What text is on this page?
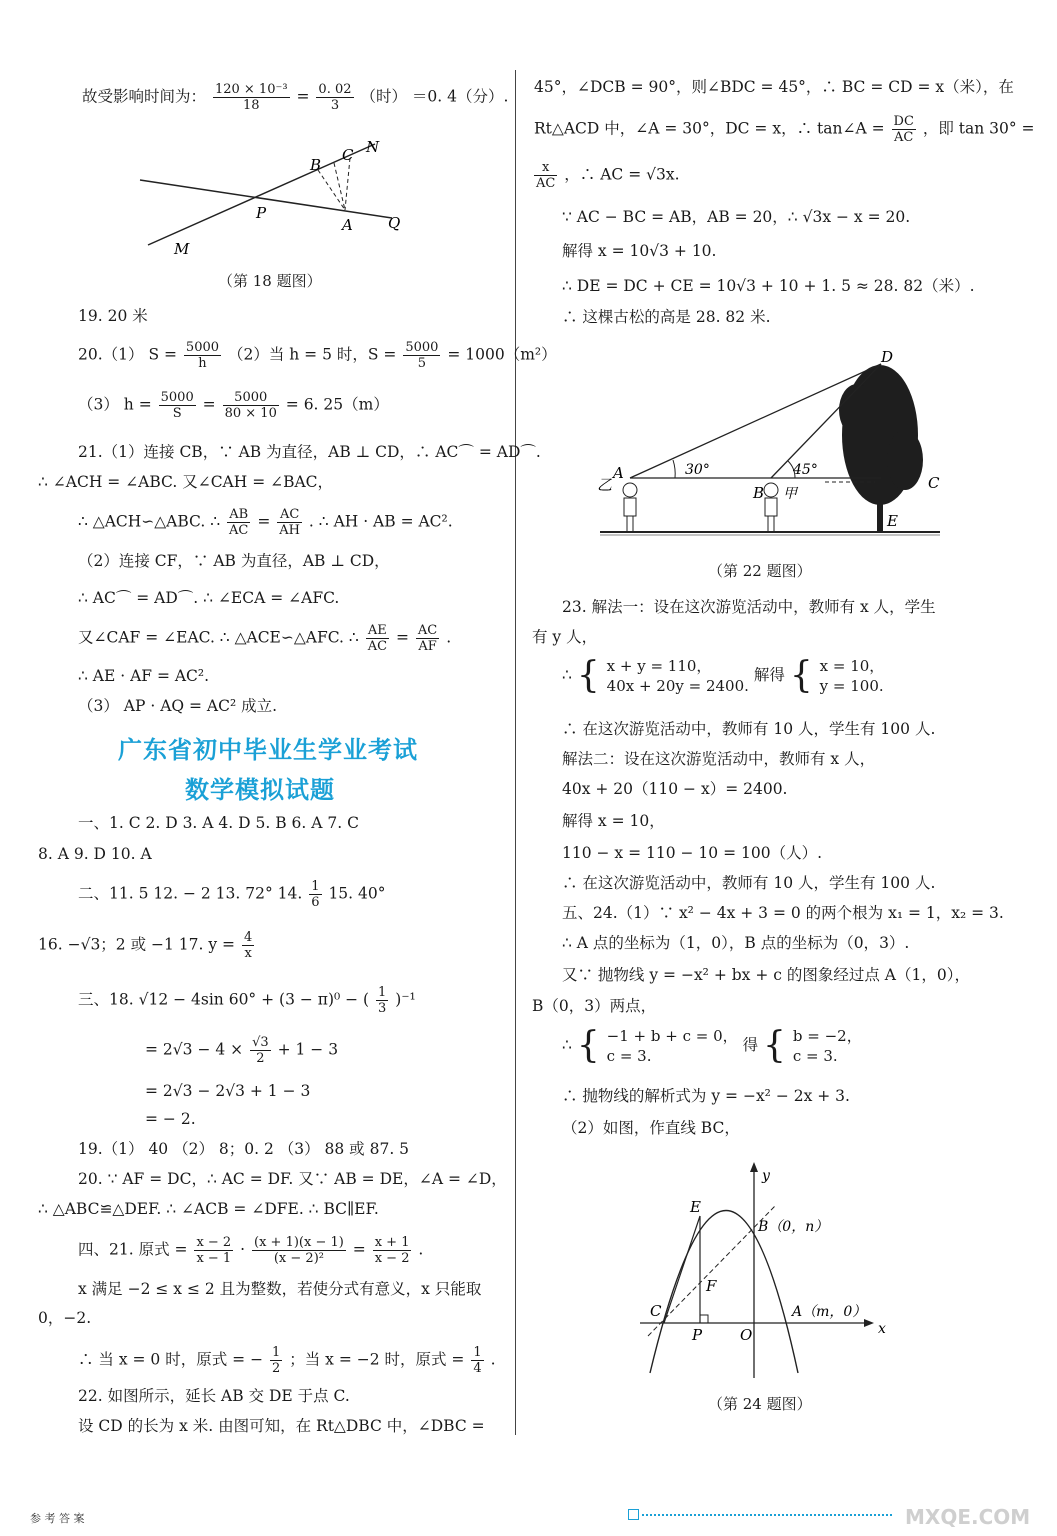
故受影响时间为： $\frac{\text{120 × 10⁻³}}{18} = \frac{0. 02}{3}$ （时） ＝0. 4（分）.
B
C N
P
A Q
M
（第 18 题图）
19. 20 米
20.（1） $S = \frac{5000}{h} (2)$当 h = 5 时，$S = \frac{5000}{5} = 1000(m^2)$
（3） $h = \frac{5000}{S} = \frac{5000}{80 \times 10} = 6$. 25（m）
21.（1）连接 CB，∵ AB 为直径，AB ⊥ CD，∴ AC⌒ = AD⌒.
∴ ∠ACH = ∠ABC. 又∠CAH = ∠BAC，
∴ △ACH∽△ABC. ∴ $\frac{AB}{AC} = \frac{AC}{AH}$ . ∴ AH · AB = AC².
（2）连接 CF，∵ AB 为直径，AB ⊥ CD，
∴ AC⌒ = AD⌒. ∴ ∠ECA = ∠AFC.
又∠CAF = ∠EAC. ∴ △ACE∽△AFC. ∴ $\frac{AE}{AC} = \frac{AC}{AF}$ .
∴ AE · AF = AC².
（3） AP · AQ = AC² 成立.
广东省初中毕业生学业考试
数学模拟试题
一、1. C 2. D 3. A 4. D 5. B 6. A 7. C
8. A 9. D 10. A
二、11. 5 12. − 2 13. 72° 14. $\frac{1}{6} 15$. 40°
16. −√3；2 或 −1 17. $y = \frac{4}{x}$
三、18. √12 − 4sin 60° + (3 − π)⁰ − ( $\frac{1}{3} )^{-1}$
= $2√3 - 4 \times \frac{√3}{2} + 1 - 3$
= 2√3 − 2√3 + 1 − 3
= − 2.
19.（1） 40 （2） 8；0. 2 （3） 88 或 87. 5
20. ∵ AF = DC，∴ AC = DF. 又∵ AB = DE，∠A = ∠D，
∴ △ABC≌△DEF. ∴ ∠ACB = ∠DFE. ∴ BC∥EF.
四、21. 原式 = $\frac{x - 2}{x - 1} \cdot \frac{(x + 1)(x - 1)}{\text{(x − 2)²}} = \frac{x + 1}{x - 2}$ .
x 满足 −2 ≤ x ≤ 2 且为整数，若使分式有意义，x 只能取
0，−2.
∴ 当 x = 0 时，原式 = − $\frac{1}{2}$ ；当 x = −2 时，原式 = $\frac{1}{4}$ .
22. 如图所示，延长 AB 交 DE 于点 C.
设 CD 的长为 x 米. 由图可知，在 Rt△DBC 中，∠DBC =
45°，∠DCB = 90°，则∠BDC = 45°，∴ BC = CD = x（米），在
Rt△ACD 中，∠A = 30°，DC = x，∴ tan∠A = $\frac{DC}{AC}$ ，即 tan 30° =
$\frac{x}{AC}$ ，∴ AC = √3x.
∵ AC − BC = AB，AB = 20，∴ √3x − x = 20.
解得 x = 10√3 + 10.
∴ DE = DC + CE = 10√3 + 10 + 1. 5 ≈ 28. 82（米）.
∴ 这棵古松的高是 28. 82 米.
D
A
乙	B 甲
C
E
30°	45°
（第 22 题图）
23. 解法一：设在这次游览活动中，教师有 x 人，学生
有 y 人，
∴ { x + y = 110，
40x + 20y = 2400. 解得 { x = 10，
y = 100.
∴ 在这次游览活动中，教师有 10 人，学生有 100 人.
解法二：设在这次游览活动中，教师有 x 人，
40x + 20（110 − x）= 2400.
解得 x = 10，
110 − x = 110 − 10 = 100（人）.
∴ 在这次游览活动中，教师有 10 人，学生有 100 人.
五、24.（1）∵ x² − 4x + 3 = 0 的两个根为 x₁ = 1，x₂ = 3.
∴ A 点的坐标为（1，0），B 点的坐标为（0，3）.
又∵ 抛物线 y = −x² + bx + c 的图象经过点 A（1，0），
B（0，3）两点，
∴ { −1 + b + c = 0，
c = 3. 得 { b = −2，
c = 3.
∴ 抛物线的解析式为 y = −x² − 2x + 3.
（2）如图，作直线 BC，
y
E
B（0，n）
F
C
P	O
A（m，0）
x
（第 24 题图）
参 考 答 案	MXQE.COM
